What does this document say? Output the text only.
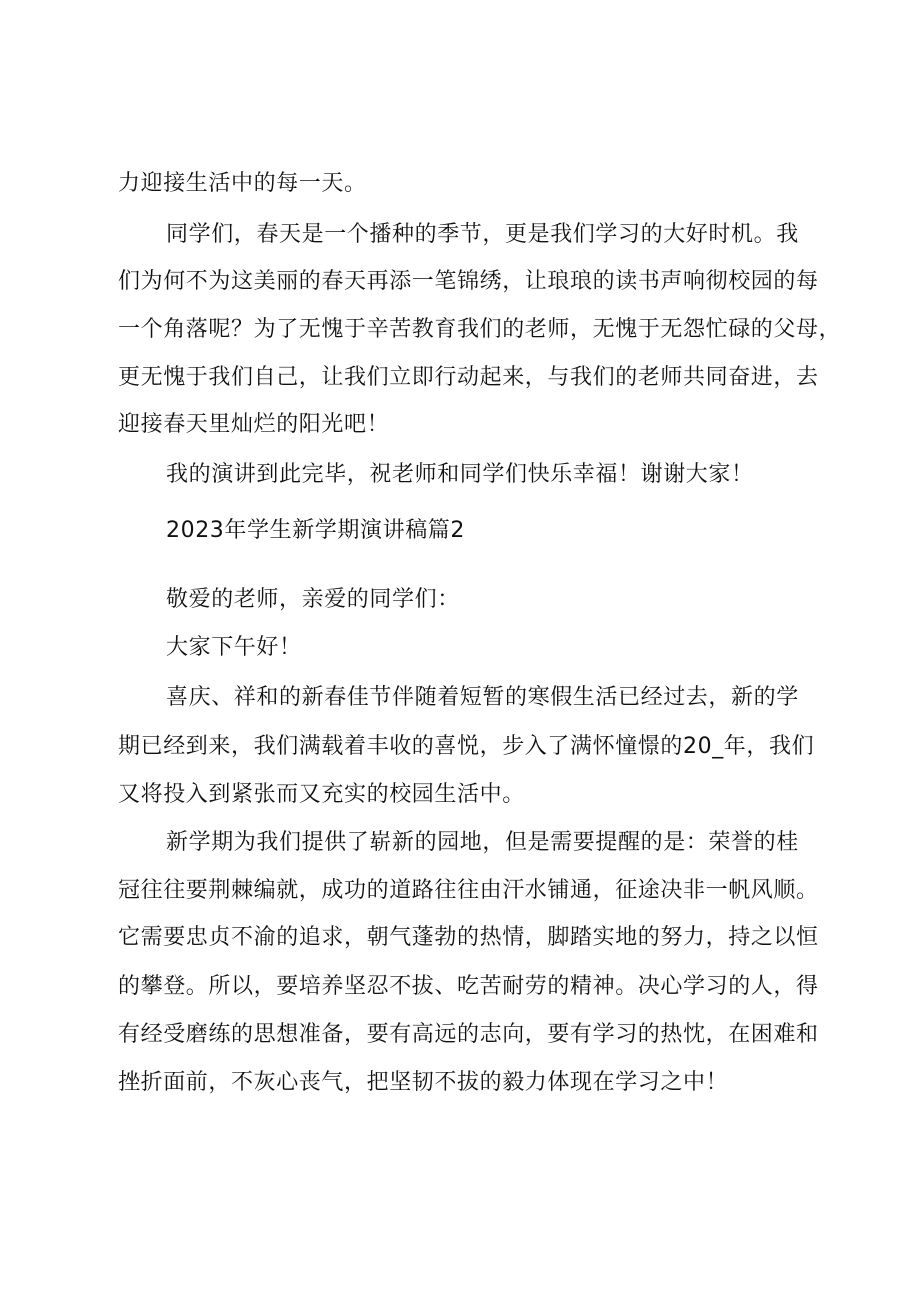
力迎接生活中的每一天。
同学们，春天是一个播种的季节，更是我们学习的大好时机。我
们为何不为这美丽的春天再添一笔锦绣，让琅琅的读书声响彻校园的每
一个角落呢？为了无愧于辛苦教育我们的老师，无愧于无怨忙碌的父母，
更无愧于我们自己，让我们立即行动起来，与我们的老师共同奋进，去
迎接春天里灿烂的阳光吧！
我的演讲到此完毕，祝老师和同学们快乐幸福！谢谢大家！
2023年学生新学期演讲稿篇2
敬爱的老师，亲爱的同学们：
大家下午好！
喜庆、祥和的新春佳节伴随着短暂的寒假生活已经过去，新的学
期已经到来，我们满载着丰收的喜悦，步入了满怀憧憬的20_年，我们
又将投入到紧张而又充实的校园生活中。
新学期为我们提供了崭新的园地，但是需要提醒的是：荣誉的桂
冠往往要荆棘编就，成功的道路往往由汗水铺通，征途决非一帆风顺。
它需要忠贞不渝的追求，朝气蓬勃的热情，脚踏实地的努力，持之以恒
的攀登。所以，要培养坚忍不拔、吃苦耐劳的精神。决心学习的人，得
有经受磨练的思想准备，要有高远的志向，要有学习的热忱，在困难和
挫折面前，不灰心丧气，把坚韧不拔的毅力体现在学习之中！
